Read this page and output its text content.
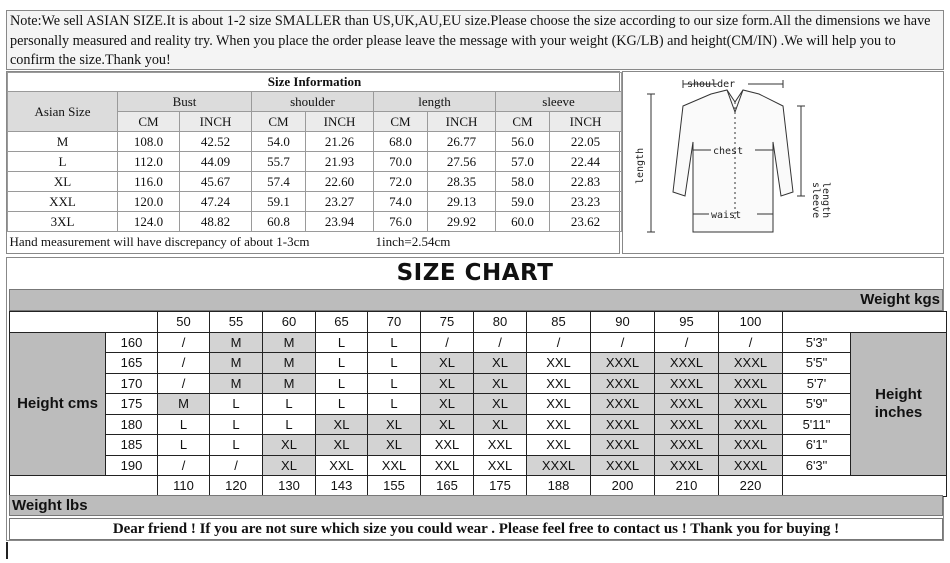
Note:We sell ASIAN SIZE.It is about 1-2 size SMALLER than US,UK,AU,EU size.Please choose the size according to our size form.All the dimensions we have personally measured and reality try. When you place the order please leave the message with your weight (KG/LB) and height(CM/IN) .We will help you to confirm the size.Thank you!
Size Information								
Asian Size	Bust		shoulder		length		sleeve	
	CM	INCH	CM	INCH	CM	INCH	CM	INCH
M	108.0	42.52	54.0	21.26	68.0	26.77	56.0	22.05
L	112.0	44.09	55.7	21.93	70.0	27.56	57.0	22.44
XL	116.0	45.67	57.4	22.60	72.0	28.35	58.0	22.83
XXL	120.0	47.24	59.1	23.27	74.0	29.13	59.0	23.23
3XL	124.0	48.82	60.8	23.94	76.0	29.92	60.0	23.62
Hand measurement will have discrepancy of about 1-3cm					1inch=2.54cm			
shoulder
chest
waist
length
sleeve length
SIZE CHART
Weight kgs
		50	55	60	65	70	75	80	85	90	95	100		
Height cms	160	/	M	M	L	L	/	/	/	/	/	/	5'3"	Height inches
	165	/	M	M	L	L	XL	XL	XXL	XXXL	XXXL	XXXL	5'5"	
	170	/	M	M	L	L	XL	XL	XXL	XXXL	XXXL	XXXL	5'7'	
	175	M	L	L	L	L	XL	XL	XXL	XXXL	XXXL	XXXL	5'9"	
	180	L	L	L	XL	XL	XL	XL	XXL	XXXL	XXXL	XXXL	5'11"	
	185	L	L	XL	XL	XL	XXL	XXL	XXL	XXXL	XXXL	XXXL	6'1"	
	190	/	/	XL	XXL	XXL	XXL	XXL	XXXL	XXXL	XXXL	XXXL	6'3"	
		110	120	130	143	155	165	175	188	200	210	220		
Weight lbs
Dear friend ! If you are not sure which size you could wear . Please feel free to contact us ! Thank you for buying !
